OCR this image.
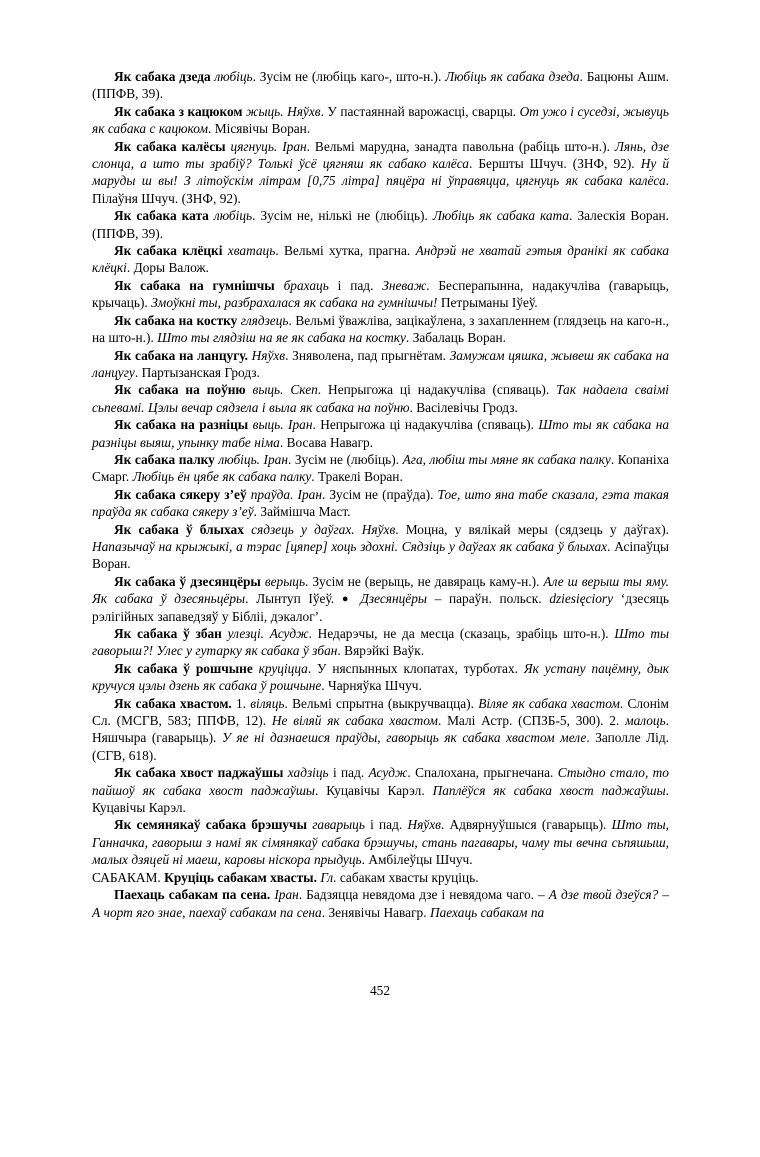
Як сабака дзеда любіць. Зусім не (любіць каго-, што-н.). Любіць як сабака дзеда. Бацюны Ашм. (ППФВ, 39).

Як сабака з кацюком жыць. Няўхв. У пастаяннай варожасці, сварцы. От ужо і суседзі, жывуць як сабака с кацюком. Місявічы Воран.

Як сабака калёсы цягнуць. Іран. Вельмі марудна, занадта павольна (рабіць што-н.). Лянь, дзе слонца, а што ты зрабіў? Толькі ўсё цягняш як сабако калёса. Бершты Шчуч. (ЗНФ, 92). Ну й маруды ш вы! З літоўскім літрам [0,75 літра] пяцёра ні ўправяцца, цягнуць як сабака калёса. Пілаўня Шчуч. (ЗНФ, 92).

Як сабака ката любіць. Зусім не, нількі не (любіць). Любіць як сабака ката. Залескія Воран. (ППФВ, 39).

Як сабака клёцкі хватаць. Вельмі хутка, прагна. Андрэй не хватай гэтыя дранікі як сабака клёцкі. Доры Валож.

Як сабака на гумнішчы брахаць і пад. Зневаж. Бесперапынна, надакучліва (гаварыць, крычаць). Змоўкні ты, разбрахалася як сабака на гумнішчы! Петрыманы Іўеў.

Як сабака на костку глядзець. Вельмі ўважліва, зацікаўлена, з захапленнем (глядзець на каго-н., на што-н.). Што ты глядзіш на яе як сабака на костку. Забалаць Воран.

Як сабака на ланцугу. Няўхв. Зняволена, пад прыгнётам. Замужам цяшка, жывеш як сабака на ланцугу. Партызанская Гродз.

Як сабака на поўню выць. Скеп. Непрыгожа ці надакучліва (спяваць). Так надаела сваімі сьпевамі. Цэлы вечар сядзела і выла як сабака на поўню. Васілевічы Гродз.

Як сабака на разніцы выць. Іран. Непрыгожа ці надакучліва (спяваць). Што ты як сабака на разніцы выяш, упынку табе німа. Восава Навагр.

Як сабака палку любіць. Іран. Зусім не (любіць). Ага, любіш ты мяне як сабака палку. Копаніха Смарг. Любіць ён цябе як сабака палку. Тракелі Воран.

Як сабака сякеру з’еў праўда. Іран. Зусім не (праўда). Тое, што яна табе сказала, гэта такая праўда як сабака сякеру з’еў. Займішча Маст.

Як сабака ў блыхах сядзець у даўгах. Няўхв. Моцна, у вялікай меры (сядзець у даўгах). Напазычаў на крыжыкі, а тэрас [цяпер] хоць здохні. Сядзіць у даўгах як сабака ў блыхах. Асіпаўцы Воран.

Як сабака ў дзесянцёры верыць. Зусім не (верыць, не давяраць каму-н.). Але ш верыш ты яму. Як сабака ў дзесяньцёры. Лынтуп Іўеў. ● Дзесянцёры – параўн. польск. dziesięciory ‘дзесяць рэлігійных запаведзяў у Бібліі, дэкалог’.

Як сабака ў збан улезці. Асудж. Недарэчы, не да месца (сказаць, зрабіць што-н.). Што ты гаворыш?! Улес у гутарку як сабака ў збан. Вярэйкі Ваўк.

Як сабака ў рошчыне круціцца. У няспынных клопатах, турботах. Як устану пацёмну, дык кручуся цэлы дзень як сабака ў рошчыне. Чарняўка Шчуч.

Як сабака хвастом. 1. віляць. Вельмі спрытна (выкручвацца). Віляе як сабака хвастом. Слонім Сл. (МСГВ, 583; ППФВ, 12). Не віляй як сабака хвастом. Малі Астр. (СПЗБ-5, 300). 2. малоць. Няшчыра (гаварыць). У яе ні дазнаешся праўды, гаворыць як сабака хвастом меле. Заполле Лід. (СГВ, 618).

Як сабака хвост паджаўшы хадзіць і пад. Асудж. Спалохана, прыгнечана. Стыдно стало, то пайшоў як сабака хвост паджаўшы. Куцавічы Карэл. Паплёўся як сабака хвост паджаўшы. Куцавічы Карэл.

Як семянякаў сабака брэшучы гаварыць і пад. Няўхв. Адвярнуўшыся (гаварыць). Што ты, Ганначка, гаворыш з намі як сімянякаў сабака брэшучы, стань пагавары, чаму ты вечна сьпяшыш, малых дзяцей ні маеш, каровы ніскора прыдуць. Амбілеўцы Шчуч.

САБАКАМ. Круціць сабакам хвасты. Гл. сабакам хвасты круціць.

Паехаць сабакам па сена. Іран. Бадзяцца невядома дзе і невядома чаго. – А дзе твой дзеўся? – А чорт яго знае, паехаў сабакам па сена. Зенявічы Навагр. Паехаць сабакам па

452
